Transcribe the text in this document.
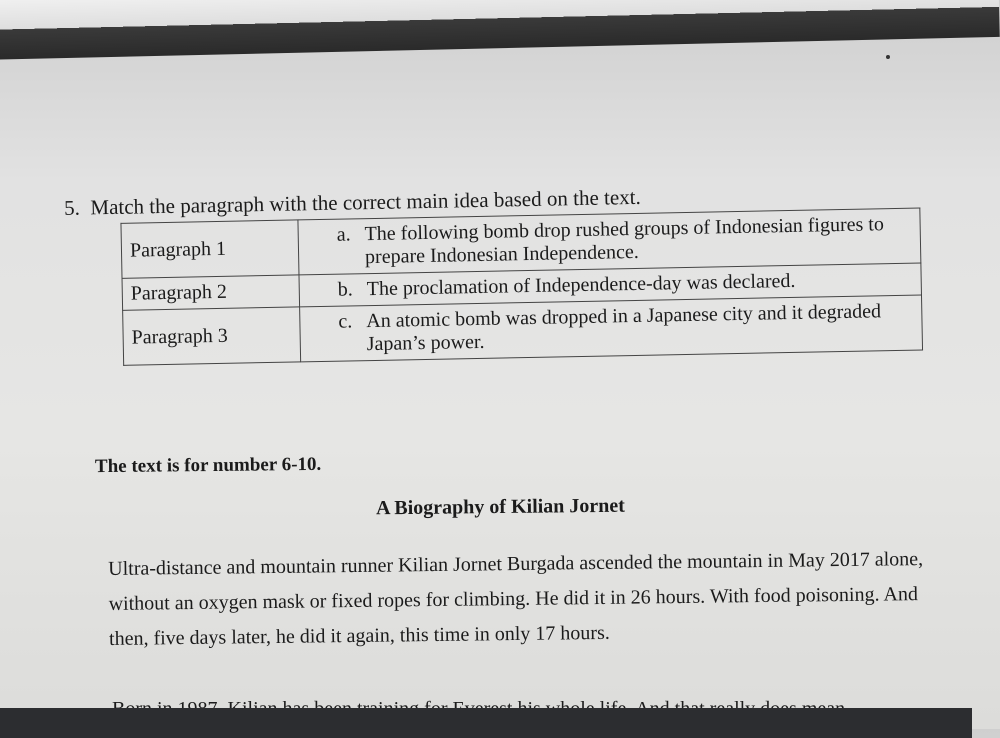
5. Match the paragraph with the correct main idea based on the text.
Paragraph 1	a. The following bomb drop rushed groups of Indonesian figures to prepare Indonesian Independence.

Paragraph 2	b. The proclamation of Independence-day was declared.

Paragraph 3	c. An atomic bomb was dropped in a Japanese city and it degraded Japan’s power.
The text is for number 6-10.
A Biography of Kilian Jornet
Ultra-distance and mountain runner Kilian Jornet Burgada ascended the mountain in May 2017 alone, without an oxygen mask or fixed ropes for climbing. He did it in 26 hours. With food poisoning. And then, five days later, he did it again, this time in only 17 hours.
